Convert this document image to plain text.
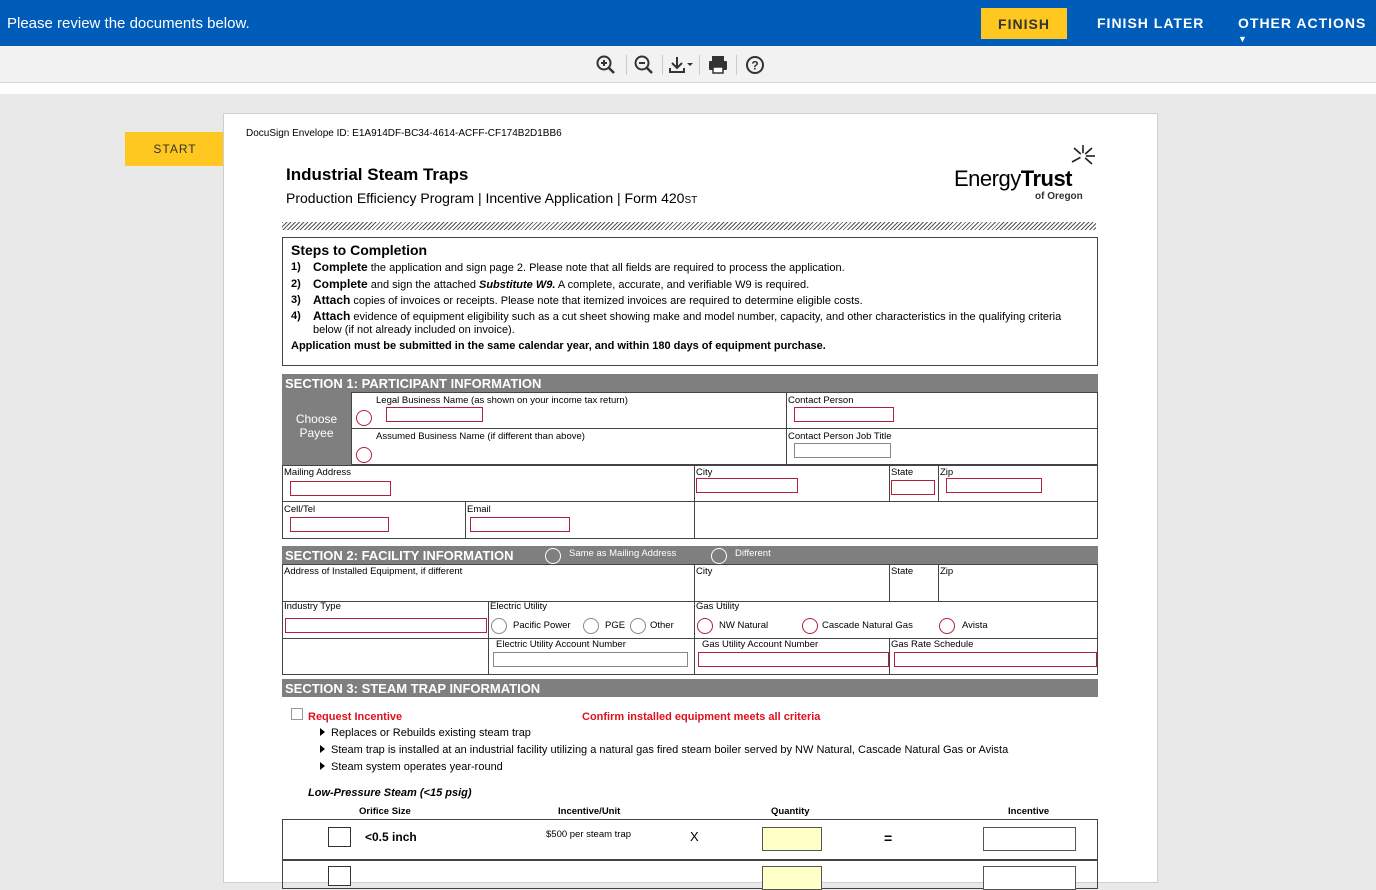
Please review the documents below.	FINISH	FINISH LATER OTHER ACTIONS ▼
?
START
DocuSign Envelope ID: E1A914DF-BC34-4614-ACFF-CF174B2D1BB6
Industrial Steam Traps
Production Efficiency Program | Incentive Application | Form 420ST
EnergyTrust
of Oregon
Steps to Completion
1)	Complete the application and sign page 2. Please note that all fields are required to process the application.
2)	Complete and sign the attached Substitute W9. A complete, accurate, and verifiable W9 is required.
3)	Attach copies of invoices or receipts. Please note that itemized invoices are required to determine eligible costs.
4)	Attach evidence of equipment eligibility such as a cut sheet showing make and model number, capacity, and other characteristics in the qualifying criteria below (if not already included on invoice).
Application must be submitted in the same calendar year, and within 180 days of equipment purchase.
SECTION 1: PARTICIPANT INFORMATION
Choose Payee
Legal Business Name (as shown on your income tax return)	Contact Person
Assumed Business Name (if different than above)	Contact Person Job Title
Mailing Address	City	State	Zip
Cell/Tel	Email
SECTION 2: FACILITY INFORMATION	Same as Mailing Address	Different
Address of Installed Equipment, if different	City	State	Zip
Industry Type	Electric Utility	Gas Utility
Pacific Power	PGE	Other	NW Natural	Cascade Natural Gas	Avista
Electric Utility Account Number	Gas Utility Account Number	Gas Rate Schedule
SECTION 3: STEAM TRAP INFORMATION
Request Incentive	Confirm installed equipment meets all criteria
Replaces or Rebuilds existing steam trap
Steam trap is installed at an industrial facility utilizing a natural gas fired steam boiler served by NW Natural, Cascade Natural Gas or Avista
Steam system operates year-round
Low-Pressure Steam (<15 psig)
Orifice Size	Incentive/Unit	Quantity	Incentive
<0.5 inch	$500 per steam trap	X	=
